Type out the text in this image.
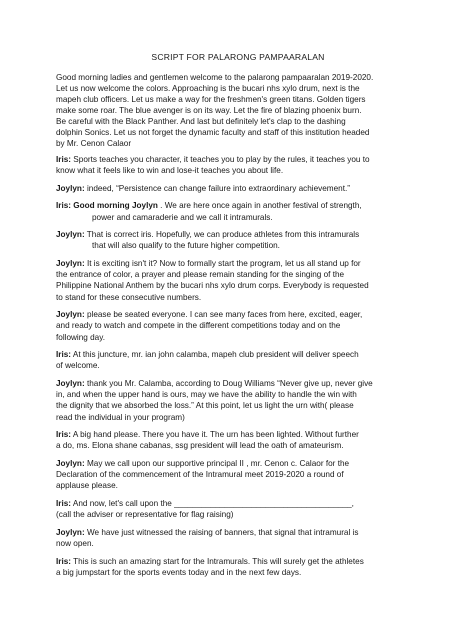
SCRIPT FOR PALARONG PAMPAARALAN
Good morning ladies and gentlemen welcome to the palarong pampaaralan 2019-2020.
Let us now welcome the colors. Approaching is the bucari nhs xylo drum, next is the
mapeh club officers. Let us make a way for the freshmen's green titans. Golden tigers
make some roar. The blue avenger is on its way. Let the fire of blazing phoenix burn.
Be careful with the Black Panther. And last but definitely let's clap to the dashing
dolphin Sonics. Let us not forget the dynamic faculty and staff of this institution headed
by Mr. Cenon Calaor
Iris: Sports teaches you character, it teaches you to play by the rules, it teaches you to
know what it feels like to win and lose-it teaches you about life.
Joylyn: indeed, “Persistence can change failure into extraordinary achievement.”
Iris: Good morning Joylyn . We are here once again in another festival of strength,
power and camaraderie and we call it intramurals.
Joylyn: That is correct iris. Hopefully, we can produce athletes from this intramurals
that will also qualify to the future higher competition.
Joylyn: It is exciting isn't it? Now to formally start the program, let us all stand up for
the entrance of color, a prayer and please remain standing for the singing of the
Philippine National Anthem by the bucari nhs xylo drum corps. Everybody is requested
to stand for these consecutive numbers.
Joylyn: please be seated everyone. I can see many faces from here, excited, eager,
and ready to watch and compete in the different competitions today and on the
following day.
Iris: At this juncture, mr. ian john calamba, mapeh club president will deliver speech
of welcome.
Joylyn: thank you Mr. Calamba, according to Doug Williams “Never give up, never give
in, and when the upper hand is ours, may we have the ability to handle the win with
the dignity that we absorbed the loss.” At this point, let us light the urn with( please
read the individual in your program)
Iris: A big hand please. There you have it. The urn has been lighted. Without further
a do, ms. Elona shane cabanas, ssg president will lead the oath of amateurism.
Joylyn: May we call upon our supportive principal II , mr. Cenon c. Calaor for the
Declaration of the commencement of the Intramural meet 2019-2020 a round of
applause please.
Iris: And now, let's call upon the _______________________________________,
(call the adviser or representative for flag raising)
Joylyn: We have just witnessed the raising of banners, that signal that intramural is
now open.
Iris: This is such an amazing start for the Intramurals. This will surely get the athletes
a big jumpstart for the sports events today and in the next few days.
